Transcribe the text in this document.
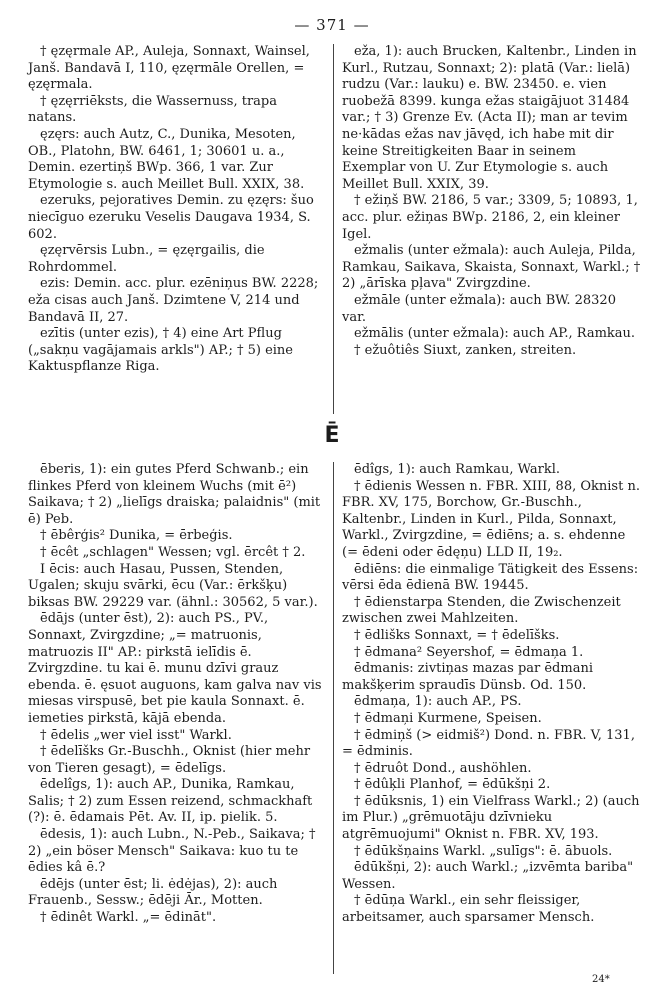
— 371 —

† ęzęrmale AP., Auleja, Sonnaxt, Wainsel, Janš. Bandavā I, 110, ęzęrmāle Orellen, = ęzęrmala.

† ęzęrriēksts, die Wassernuss, trapa natans.

ęzęrs: auch Autz, C., Dunika, Mesoten, OB., Platohn, BW. 6461, 1; 30601 u. a., Demin. ezertiņš BWp. 366, 1 var. Zur Etymologie s. auch Meillet Bull. XXIX, 38.

ezeruks, pejoratives Demin. zu ęzęrs: šuo niecīguo ezeruku Veselis Daugava 1934, S. 602.

ęzęrvērsis Lubn., = ęzęrgailis, die Rohrdommel.

ezis: Demin. acc. plur. ezēniņus BW. 2228; eža cisas auch Janš. Dzimtene V, 214 und Bandavā II, 27.

ezītis (unter ezis), † 4) eine Art Pflug („sakņu vagājamais arkls") AP.; † 5) eine Kaktuspflanze Riga.

eža, 1): auch Brucken, Kaltenbr., Linden in Kurl., Rutzau, Sonnaxt; 2): platā (Var.: lielā) rudzu (Var.: lauku) e. BW. 23450. e. vien ruobežā 8399. kunga ežas staigājuot 31484 var.; † 3) Grenze Ev. (Acta II); man ar tevim ne·kādas ežas nav jāvęd, ich habe mit dir keine Streitigkeiten Baar in seinem Exemplar von U. Zur Etymologie s. auch Meillet Bull. XXIX, 39.

† ežiņš BW. 2186, 5 var.; 3309, 5; 10893, 1, acc. plur. ežiņas BWp. 2186, 2, ein kleiner Igel.

ežmalis (unter ežmala): auch Auleja, Pilda, Ramkau, Saikava, Skaista, Sonnaxt, Warkl.; † 2) „ārīska pļava" Zvirgzdine.

ežmāle (unter ežmala): auch BW. 28320 var.

ežmālis (unter ežmala): auch AP., Ramkau.

† ežuôtiês Siuxt, zanken, streiten.

Ē

ēberis, 1): ein gutes Pferd Schwanb.; ein flinkes Pferd von kleinem Wuchs (mit ē²) Saikava; † 2) „lielīgs draiska; palaidnis" (mit ē) Peb.

† ēbêrģis² Dunika, = ērbeģis.

† ēcêt „schlagen" Wessen; vgl. ērcêt † 2.

I ēcis: auch Hasau, Pussen, Stenden, Ugalen; skuju svārki, ēcu (Var.: ērkšķu) biksas BW. 29229 var. (ähnl.: 30562, 5 var.).

ēdājs (unter ēst), 2): auch PS., PV., Sonnaxt, Zvirgzdine; „= matruonis, matruozis II" AP.: pirkstā ielīdis ē. Zvirgzdine. tu kai ē. munu dzīvi grauz ebenda. ē. ęsuot auguons, kam galva nav vis miesas virspusē, bet pie kaula Sonnaxt. ē. iemeties pirkstā, kājā ebenda.

† ēdelis „wer viel isst" Warkl.

† ēdelīšks Gr.-Buschh., Oknist (hier mehr von Tieren gesagt), = ēdelīgs.

ēdelîgs, 1): auch AP., Dunika, Ramkau, Salis; † 2) zum Essen reizend, schmackhaft (?): ē. ēdamais Pēt. Av. II, ip. pielik. 5.

ēdesis, 1): auch Lubn., N.-Peb., Saikava; † 2) „ein böser Mensch" Saikava: kuo tu te ēdies kâ ē.?

ēdējs (unter ēst; li. ėdėjas), 2): auch Frauenb., Sessw.; ēdēji Ār., Motten.

† ēdinêt Warkl. „= ēdināt".

ēdîgs, 1): auch Ramkau, Warkl.

† ēdienis Wessen n. FBR. XIII, 88, Oknist n. FBR. XV, 175, Borchow, Gr.-Buschh., Kaltenbr., Linden in Kurl., Pilda, Sonnaxt, Warkl., Zvirgzdine, = ēdiēns; a. s. ehdenne (= ēdeni oder ēdęņu) LLD II, 19₂.

ēdiēns: die einmalige Tätigkeit des Essens: vērsi ēda ēdienā BW. 19445.

† ēdienstarpa Stenden, die Zwischenzeit zwischen zwei Mahlzeiten.

† ēdlišks Sonnaxt, = † ēdelīšks.

† ēdmana² Seyershof, = ēdmaņa 1.

ēdmanis: zivtiņas mazas par ēdmani makšķerim spraudīs Dünsb. Od. 150.

ēdmaņa, 1): auch AP., PS.

† ēdmaņi Kurmene, Speisen.

† ēdmiņš (> eidmiš²) Dond. n. FBR. V, 131, = ēdminis.

† ēdruôt Dond., aushöhlen.

† ēdûķli Planhof, = ēdūkšņi 2.

† ēdūksnis, 1) ein Vielfrass Warkl.; 2) (auch im Plur.) „grēmuotāju dzīvnieku atgrēmuojumi" Oknist n. FBR. XV, 193.

† ēdūkšņains Warkl. „sulīgs": ē. ābuols.

ēdūkšņi, 2): auch Warkl.; „izvēmta bariba" Wessen.

† ēdūņa Warkl., ein sehr fleissiger, arbeitsamer, auch sparsamer Mensch.

24*
